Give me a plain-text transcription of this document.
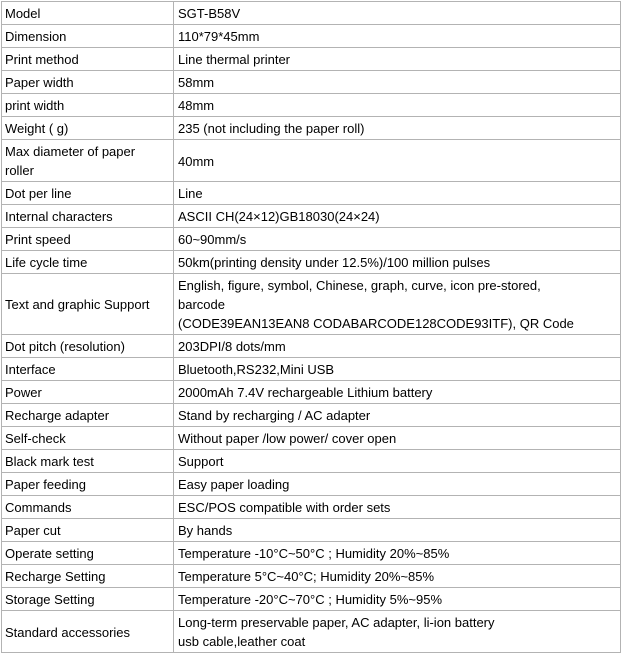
Model	SGT-B58V

Dimension	110*79*45mm

Print method	Line thermal printer

Paper width	58mm

print width	48mm

Weight ( g)	235 (not including the paper roll)

Max diameter of paper
roller	40mm

Dot per line	Line

Internal characters	ASCII CH(24×12)GB18030(24×24)

Print speed	60~90mm/s

Life cycle time	50km(printing density under 12.5%)/100 million pulses

Text and graphic Support	English, figure, symbol, Chinese, graph, curve, icon pre-stored,
barcode
(CODE39EAN13EAN8 CODABARCODE128CODE93ITF), QR Code

Dot pitch (resolution)	203DPI/8 dots/mm

Interface	Bluetooth,RS232,Mini USB

Power	2000mAh 7.4V rechargeable Lithium battery

Recharge adapter	Stand by recharging / AC adapter

Self-check	Without paper /low power/ cover open

Black mark test	Support

Paper feeding	Easy paper loading

Commands	ESC/POS compatible with order sets

Paper cut	By hands

Operate setting	Temperature -10°C~50°C ; Humidity 20%~85%

Recharge Setting	Temperature 5°C~40°C; Humidity 20%~85%

Storage Setting	Temperature -20°C~70°C ; Humidity 5%~95%

Standard accessories	Long-term preservable paper, AC adapter, li-ion battery
usb cable,leather coat
